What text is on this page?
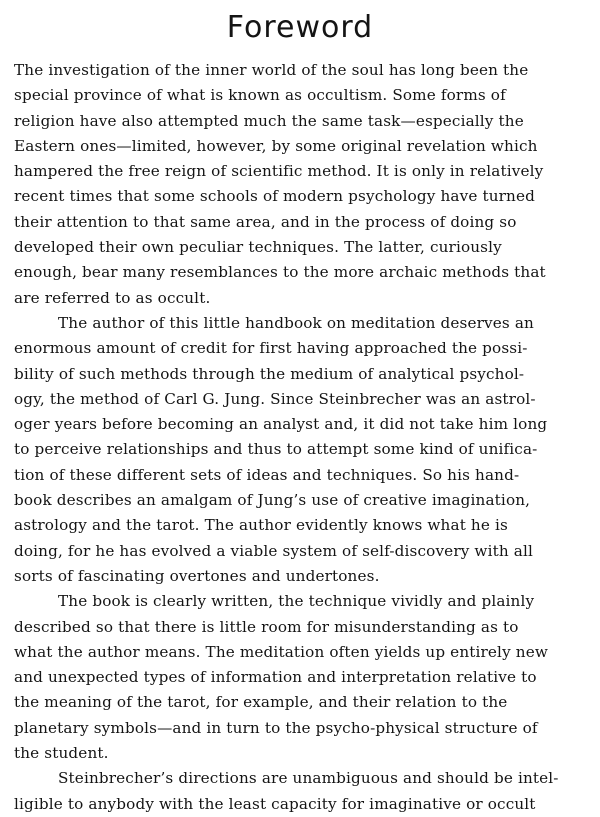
Foreword

The investigation of the inner world of the soul has long been the
special province of what is known as occultism. Some forms of
religion have also attempted much the same task—especially the
Eastern ones—limited, however, by some original revelation which
hampered the free reign of scientific method. It is only in relatively
recent times that some schools of modern psychology have turned
their attention to that same area, and in the process of doing so
developed their own peculiar techniques. The latter, curiously
enough, bear many resemblances to the more archaic methods that
are referred to as occult.

The author of this little handbook on meditation deserves an
enormous amount of credit for first having approached the possi-
bility of such methods through the medium of analytical psychol-
ogy, the method of Carl G. Jung. Since Steinbrecher was an astrol-
oger years before becoming an analyst and, it did not take him long
to perceive relationships and thus to attempt some kind of unifica-
tion of these different sets of ideas and techniques. So his hand-
book describes an amalgam of Jung’s use of creative imagination,
astrology and the tarot. The author evidently knows what he is
doing, for he has evolved a viable system of self-discovery with all
sorts of fascinating overtones and undertones.

The book is clearly written, the technique vividly and plainly
described so that there is little room for misunderstanding as to
what the author means. The meditation often yields up entirely new
and unexpected types of information and interpretation relative to
the meaning of the tarot, for example, and their relation to the
planetary symbols—and in turn to the psycho-physical structure of
the student.

Steinbrecher’s directions are unambiguous and should be intel-
ligible to anybody with the least capacity for imaginative or occult
